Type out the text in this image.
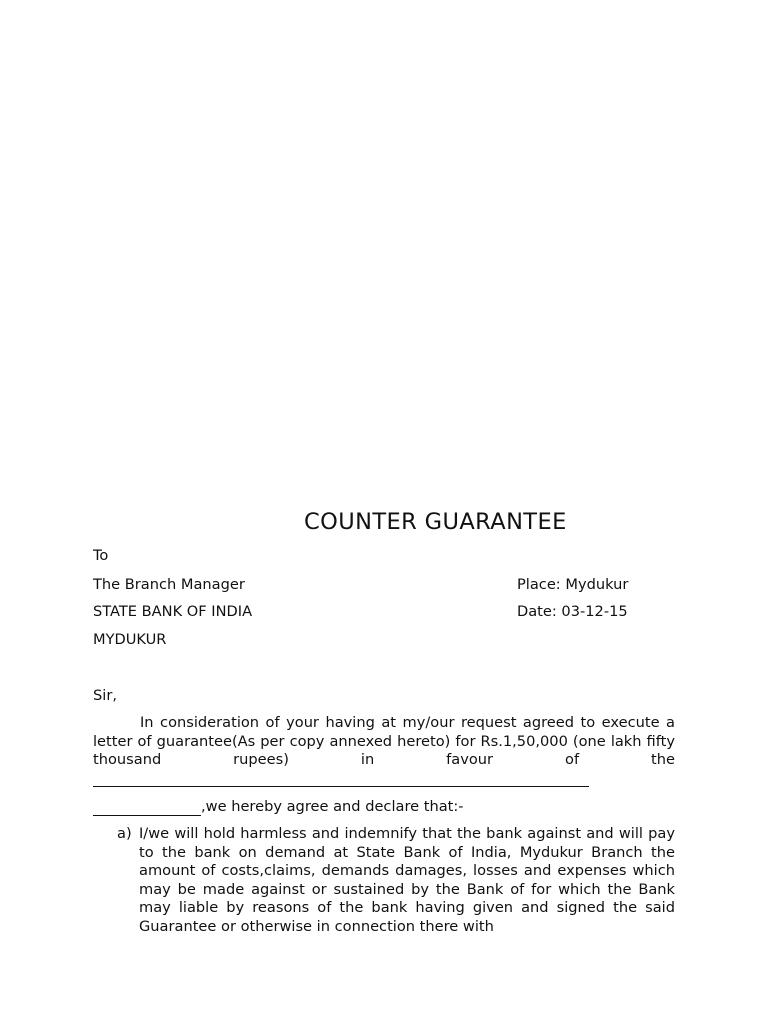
COUNTER GUARANTEE
To
The Branch Manager
STATE BANK OF INDIA
MYDUKUR
Place: Mydukur
Date: 03-12-15
Sir,
In consideration of your having at my/our request agreed to execute a letter of guarantee(As per copy annexed hereto) for Rs.1,50,000 (one lakh fifty thousand rupees) in favour of the
,we hereby agree and declare that:-
a) I/we will hold harmless and indemnify that the bank against and will pay to the bank on demand at State Bank of India, Mydukur Branch the amount of costs,claims, demands damages, losses and expenses which may be made against or sustained by the Bank of for which the Bank may liable by reasons of the bank having given and signed the said Guarantee or otherwise in connection there with
